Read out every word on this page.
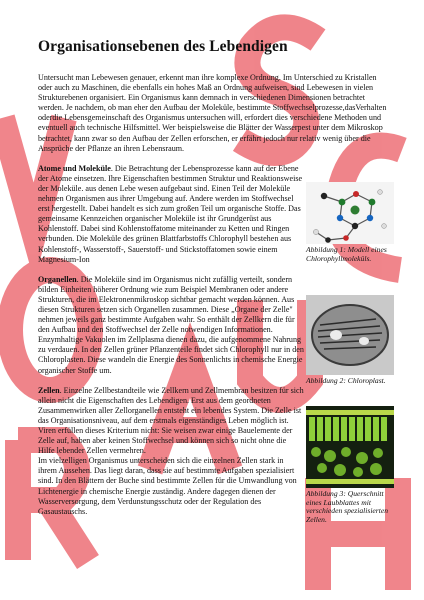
Organisationsebenen des Lebendigen

Untersucht man Lebewesen genauer, erkennt man ihre komplexe Ordnung. Im Unterschied zu Kristallen oder auch zu Maschinen, die ebenfalls ein hohes Maß an Ordnung aufweisen, sind Lebewesen in vielen Strukturebenen organisiert. Ein Organismus kann demnach in verschiedenen Dimensionen betrachtet werden. Je nachdem, ob man eher den Aufbau der Moleküle, bestimmte Stoffwechselprozesse,dasVerhalten oderdie Lebensgemeinschaft des Organismus untersuchen will, erfordert dies verschiedene Methoden und eventuell auch technische Hilfsmittel. Wer beispielsweise die Blätter der Wasserpest unter dem Mikroskop betrachtet, kann zwar so den Aufbau der Zellen erforschen, er erfährt jedoch nur relativ wenig über die Ansprüche der Pflanze an ihren Lebensraum.

Atome und Moleküle. Die Betrachtung der Lebensprozesse kann auf der Ebene der Atome einsetzen. Ihre Eigenschaften bestimmen Struktur und Reaktionsweise der Moleküle. aus denen Lebe wesen aufgebaut sind. Einen Teil der Moleküle nehmen Organismen aus ihrer Umgebung auf. Andere werden im Stoffwechsel erst hergestellt. Dabei handelt es sich zum großen Teil um organische Stoffe. Das gemeinsame Kennzeichen organischer Moleküle ist ihr Grundgerüst aus Kohlenstoff. Dabei sind Kohlenstoffatome miteinander zu Ketten und Ringen verbunden. Die Moleküle des grünen Blattfarbstoffs Chlorophyll bestehen aus Kohlenstoff-, Wasserstoff-, Sauerstoff- und Stickstoffatomen sowie einem Magnesium-Ion

Organellen. Die Moleküle sind im Organismus nicht zufällig verteilt, sondern bilden Einheiten höherer Ordnung wie zum Beispiel Membranen oder andere Strukturen, die im Elektronenmikroskop sichtbar gemacht werden können. Aus diesen Strukturen setzen sich Organellen zusammen. Diese „Organe der Zelle" nehmen jeweils ganz bestimmte Aufgaben wahr. So enthält der Zellkern die für den Aufbau und den Stoffwechsel der Zelle notwendigen Informationen. Enzymhaltige Vakuolen im Zellplasma dienen dazu, die aufgenommene Nahrung zu verdauen. In den Zellen grüner Pflanzenteile findet sich Chlorophyll nur in den Chloroplasten. Diese wandeln die Energie des Sonnenlichts in chemische Energie organischer Stoffe um.

Zellen. Einzelne Zellbestandteile wie Zellkern und Zellmembran besitzen für sich allein nicht die Eigenschaften des Lebendigen. Erst aus dem geordneten Zusammenwirken aller Zellorganellen entsteht ein lebendes System. Die Zelle ist das Organisationsniveau, auf dem erstmals eigenständiges Leben möglich ist. Viren erfüllen dieses Kriterium nicht: Sie weisen zwar einige Bauelemente der Zelle auf, haben aber keinen Stoffwechsel und können sich so nicht ohne die Hilfe lebender Zellen vermehren.

Im vielzelligen Organismus unterscheiden sich die einzelnen Zellen stark in ihrem Aussehen. Das liegt daran, dass sie auf bestimmte Aufgaben spezialisiert sind. In den Blättern der Buche sind bestimmte Zellen für die Umwandlung von Lichtenergie in chemische Energie zuständig. Andere dagegen dienen der Wasserversorgung, dem Verdunstungsschutz oder der Regulation des Gasaustauschs.

Abbildung 1: Modell eines Chlorophyllmoleküls.
Abbildung 2: Chloroplast.
Abbildung 3: Querschnitt eines Laubblattes mit verschieden spezialisierten Zellen.
